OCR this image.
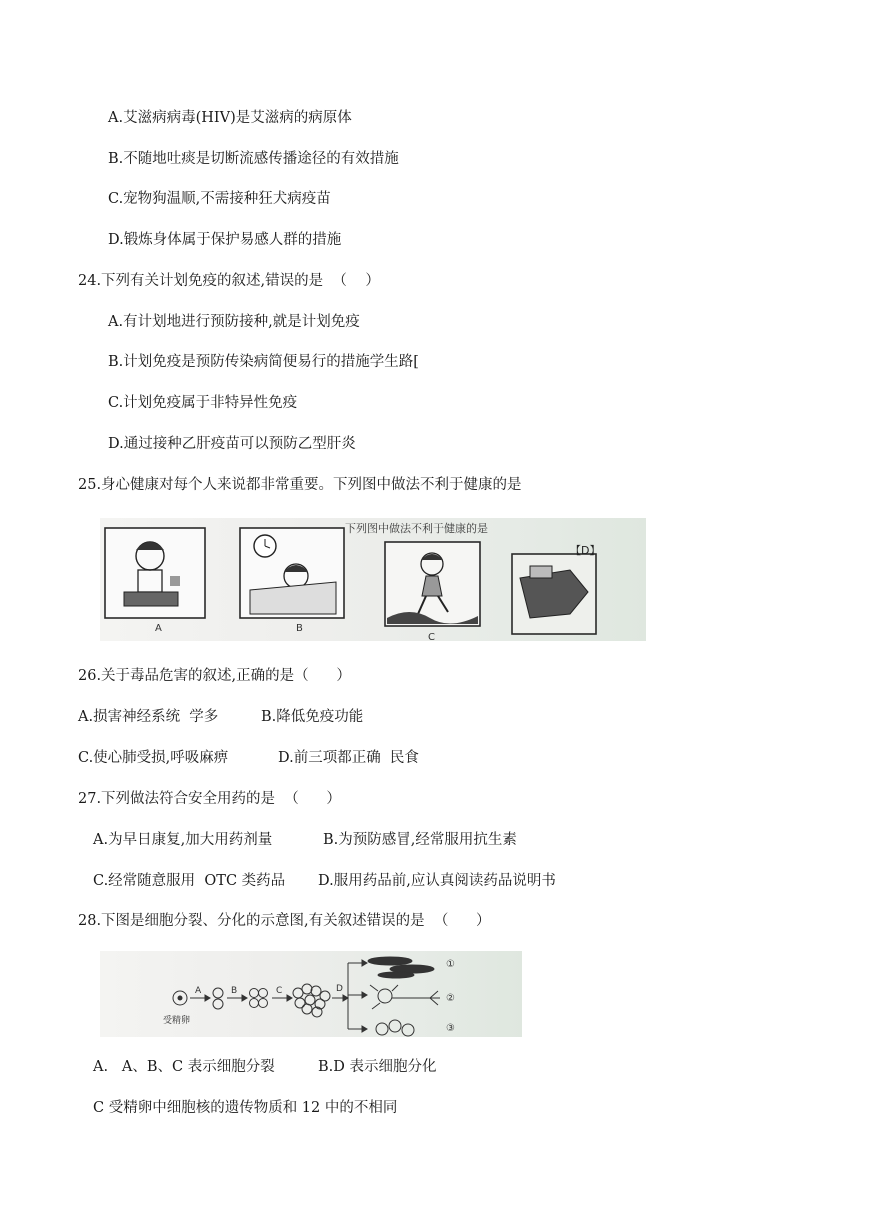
A.艾滋病病毒(HIV)是艾滋病的病原体
B.不随地吐痰是切断流感传播途径的有效措施
C.宠物狗温顺,不需接种狂犬病疫苗
D.锻炼身体属于保护易感人群的措施
24.下列有关计划免疫的叙述,错误的是  （    ）
A.有计划地进行预防接种,就是计划免疫
B.计划免疫是预防传染病简便易行的措施学生路[
C.计划免疫属于非特异性免疫
D.通过接种乙肝疫苗可以预防乙型肝炎
25.身心健康对每个人来说都非常重要。下列图中做法不利于健康的是
下列图中做法不利于健康的是
A	B
C
【D】
26.关于毒品危害的叙述,正确的是（      ）
A.损害神经系统  学多	B.降低免疫功能
C.使心肺受损,呼吸麻痹	D.前三项都正确  民食
27.下列做法符合安全用药的是  （      ）
A.为早日康复,加大用药剂量	B.为预防感冒,经常服用抗生素
C.经常随意服用  OTC 类药品 D.服用药品前,应认真阅读药品说明书
28.下图是细胞分裂、分化的示意图,有关叙述错误的是  （      ）
受精卵
A	B	C	D
①
②
③
A.   A、B、C 表示细胞分裂	B.D 表示细胞分化
C 受精卵中细胞核的遗传物质和 12 中的不相同
